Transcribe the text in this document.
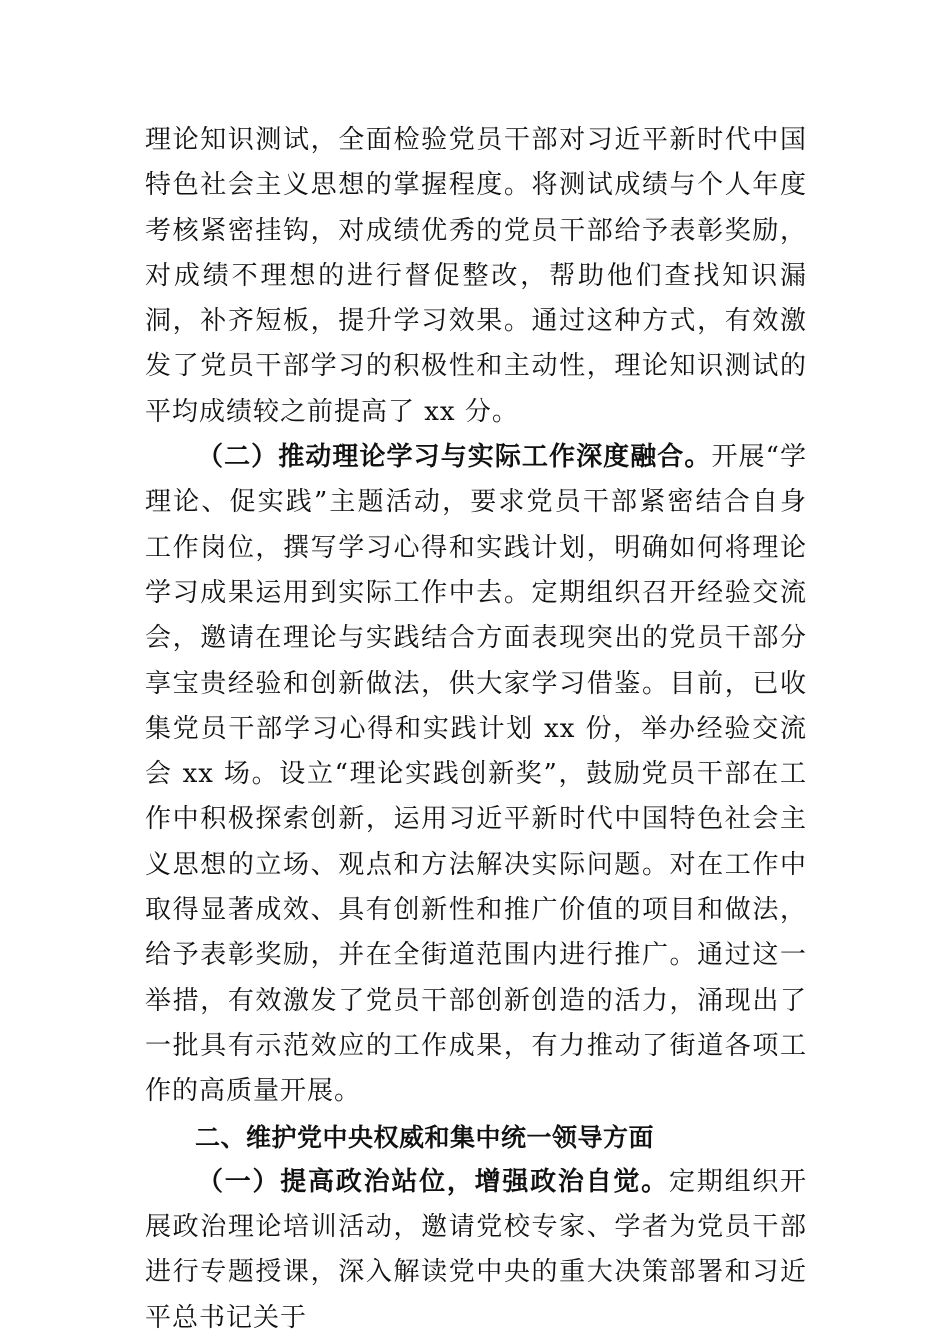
理论知识测试，全面检验党员干部对习近平新时代中国特色社会主义思想的掌握程度。将测试成绩与个人年度考核紧密挂钩，对成绩优秀的党员干部给予表彰奖励，对成绩不理想的进行督促整改，帮助他们查找知识漏洞，补齐短板，提升学习效果。通过这种方式，有效激发了党员干部学习的积极性和主动性，理论知识测试的平均成绩较之前提高了 xx 分。

（二）推动理论学习与实际工作深度融合。开展“学理论、促实践”主题活动，要求党员干部紧密结合自身工作岗位，撰写学习心得和实践计划，明确如何将理论学习成果运用到实际工作中去。定期组织召开经验交流会，邀请在理论与实践结合方面表现突出的党员干部分享宝贵经验和创新做法，供大家学习借鉴。目前，已收集党员干部学习心得和实践计划 xx 份，举办经验交流会 xx 场。设立“理论实践创新奖”，鼓励党员干部在工作中积极探索创新，运用习近平新时代中国特色社会主义思想的立场、观点和方法解决实际问题。对在工作中取得显著成效、具有创新性和推广价值的项目和做法，给予表彰奖励，并在全街道范围内进行推广。通过这一举措，有效激发了党员干部创新创造的活力，涌现出了一批具有示范效应的工作成果，有力推动了街道各项工作的高质量开展。

二、维护党中央权威和集中统一领导方面

（一）提高政治站位，增强政治自觉。定期组织开展政治理论培训活动，邀请党校专家、学者为党员干部进行专题授课，深入解读党中央的重大决策部署和习近平总书记关于
